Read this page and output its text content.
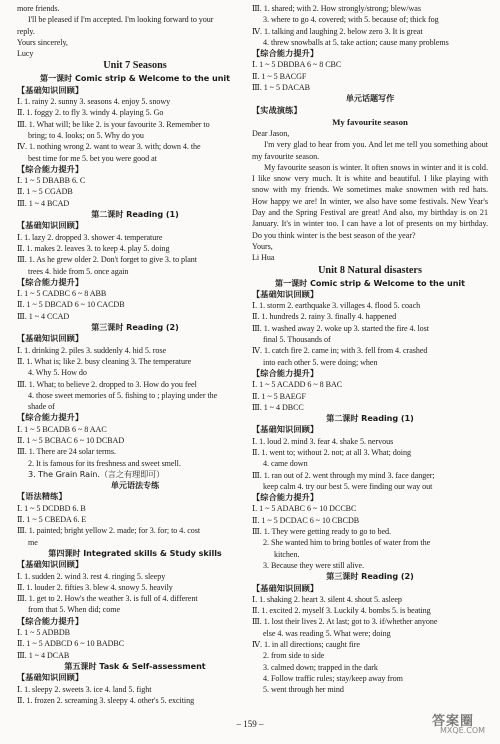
more friends.
I'll be pleased if I'm accepted. I'm looking forward to your
reply.
Yours sincerely,
Lucy
Unit 7 Seasons
第一课时 Comic strip & Welcome to the unit
【基础知识回顾】
Ⅰ. 1. rainy 2. sunny 3. seasons 4. enjoy 5. snowy
Ⅱ. 1. foggy 2. to fly 3. windy 4. playing 5. Go
Ⅲ. 1. What will; be like 2. is your favourite 3. Remember to
bring; to 4. looks; on 5. Why do you
Ⅳ. 1. nothing wrong 2. want to wear 3. with; down 4. the
best time for me 5. bet you were good at
【综合能力提升】
Ⅰ. 1 ~ 5 DBABB 6. C
Ⅱ. 1 ~ 5 CGADB
Ⅲ. 1 ~ 4 BCAD
第二课时 Reading (1)
【基础知识回顾】
Ⅰ. 1. lazy 2. dropped 3. shower 4. temperature
Ⅱ. 1. makes 2. leaves 3. to keep 4. play 5. doing
Ⅲ. 1. As he grew older 2. Don't forget to give 3. to plant
trees 4. hide from 5. once again
【综合能力提升】
Ⅰ. 1 ~ 5 CADBC 6 ~ 8 ABB
Ⅱ. 1 ~ 5 DBCAD 6 ~ 10 CACDB
Ⅲ. 1 ~ 4 CCAD
第三课时 Reading (2)
【基础知识回顾】
Ⅰ. 1. drinking 2. piles 3. suddenly 4. hid 5. rose
Ⅱ. 1. What is; like 2. busy cleaning 3. The temperature
4. Why 5. How do
Ⅲ. 1. What; to believe 2. dropped to 3. How do you feel
4. those sweet memories of 5. fishing to ; playing under the
shade of
【综合能力提升】
Ⅰ. 1 ~ 5 BCADB 6 ~ 8 AAC
Ⅱ. 1 ~ 5 BCBAC 6 ~ 10 DCBAD
Ⅲ. 1. There are 24 solar terms.
2. It is famous for its freshness and sweet smell.
3. The Grain Rain.（言之有理即可）
单元语法专练
【语法精练】
Ⅰ. 1 ~ 5 DCDBD 6. B
Ⅱ. 1 ~ 5 CBEDA 6. E
Ⅲ. 1. painted; bright yellow 2. made; for 3. for; to 4. cost
me
第四课时 Integrated skills & Study skills
【基础知识回顾】
Ⅰ. 1. sudden 2. wind 3. rest 4. ringing 5. sleepy
Ⅱ. 1. louder 2. fifties 3. blew 4. snowy 5. heavily
Ⅲ. 1. get to 2. How's the weather 3. is full of 4. different
from that 5. When did; come
【综合能力提升】
Ⅰ. 1 ~ 5 ADBDB
Ⅱ. 1 ~ 5 ADBCD 6 ~ 10 BADBC
Ⅲ. 1 ~ 4 DCAB
第五课时 Task & Self-assessment
【基础知识回顾】
Ⅰ. 1. sleepy 2. sweets 3. ice 4. land 5. fight
Ⅱ. 1. frozen 2. screaming 3. sleepy 4. other's 5. exciting
Ⅲ. 1. shared; with 2. How strongly/strong; blew/was
3. where to go 4. covered; with 5. because of; thick fog
Ⅳ. 1. talking and laughing 2. below zero 3. It is great
4. threw snowballs at 5. take action; cause many problems
【综合能力提升】
Ⅰ. 1 ~ 5 DBDBA 6 ~ 8 CBC
Ⅱ. 1 ~ 5 BACGF
Ⅲ. 1 ~ 5 DACAB
单元话题写作
【实战演练】
My favourite season
Dear Jason,

I'm very glad to hear from you. And let me tell you something about my favourite season.

My favourite season is winter. It often snows in winter and it is cold. I like snow very much. It is white and beautiful. I like playing with snow with my friends. We sometimes make snowmen with red hats. How happy we are! In winter, we also have some festivals. New Year's Day and the Spring Festival are great! And also, my birthday is on 21 January. It's in winter too. I can have a lot of presents on my birthday. Do you think winter is the best season of the year?

Yours,
Li Hua
Unit 8 Natural disasters
第一课时 Comic strip & Welcome to the unit
【基础知识回顾】
Ⅰ. 1. storm 2. earthquake 3. villages 4. flood 5. coach
Ⅱ. 1. hundreds 2. rainy 3. finally 4. happened
Ⅲ. 1. washed away 2. woke up 3. started the fire 4. lost
final 5. Thousands of
Ⅳ. 1. catch fire 2. came in; with 3. fell from 4. crashed
into each other 5. were doing; when
【综合能力提升】
Ⅰ. 1 ~ 5 ACADD 6 ~ 8 BAC
Ⅱ. 1 ~ 5 BAEGF
Ⅲ. 1 ~ 4 DBCC
第二课时 Reading (1)
【基础知识回顾】
Ⅰ. 1. loud 2. mind 3. fear 4. shake 5. nervous
Ⅱ. 1. went to; without 2. not; at all 3. What; doing
4. came down
Ⅲ. 1. ran out of 2. went through my mind 3. face danger;
keep calm 4. try our best 5. were finding our way out
【综合能力提升】
Ⅰ. 1 ~ 5 ADABC 6 ~ 10 DCCBC
Ⅱ. 1 ~ 5 DCDAC 6 ~ 10 CBCDB
Ⅲ. 1. They were getting ready to go to bed.
2. She wanted him to bring bottles of water from the
kitchen.
3. Because they were still alive.
第三课时 Reading (2)
【基础知识回顾】
Ⅰ. 1. shaking 2. heart 3. silent 4. shout 5. asleep
Ⅱ. 1. excited 2. myself 3. Luckily 4. bombs 5. is beating
Ⅲ. 1. lost their lives 2. At last; got to 3. if/whether anyone
else 4. was reading 5. What were; doing
Ⅳ. 1. in all directions; caught fire
2. from side to side
3. calmed down; trapped in the dark
4. Follow traffic rules; stay/keep away from
5. went through her mind
– 159 –	答案圈
MXQE.COM
